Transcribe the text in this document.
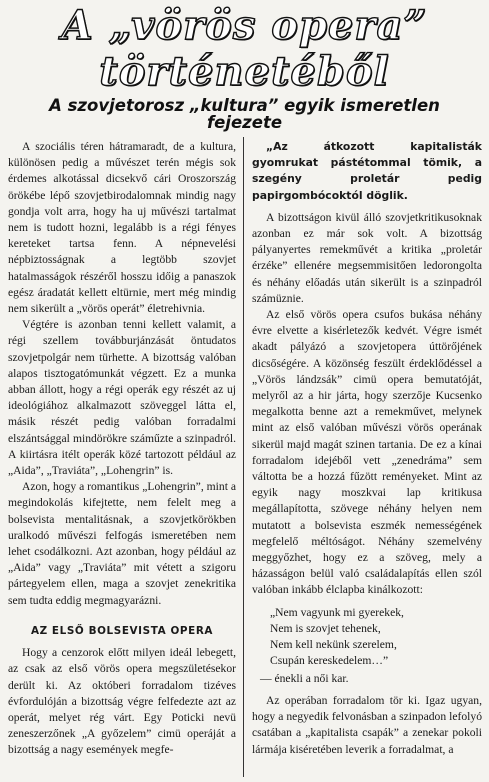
A „vörös opera”
történetéből
A szovjetorosz „kultura” egyik ismeretlen
fejezete

A szociális téren hátramaradt, de a kultura, különösen pedig a művészet terén mégis sok érdemes alkotással dicsekvő cári Oroszország örökébe lépő szovjetbirodalomnak mindig nagy gondja volt arra, hogy ha uj művészi tartalmat nem is tudott hozni, legalább is a régi fényes kereteket tartsa fenn. A népnevelési népbiztosságnak a legtöbb szovjet hatalmasságok részéről hosszu időig a panaszok egész áradatát kellett eltürnie, mert még mindig nem sikerült a „vörös operát” életrehivnia.

Végtére is azonban tenni kellett valamit, a régi szellem továbburjánzását öntudatos szovjetpolgár nem türhette. A bizottság valóban alapos tisztogatómunkát végzett. Ez a munka abban állott, hogy a régi operák egy részét az uj ideológiához alkalmazott szöveggel látta el, másik részét pedig valóban forradalmi elszántsággal mindörökre száműzte a szinpadról. A kiirtásra itélt operák közé tartozott például az „Aida”, „Traviáta”, „Lohengrin” is.

Azon, hogy a romantikus „Lohengrin”, mint a megindokolás kifejtette, nem felelt meg a bolsevista mentalitásnak, a szovjetkörökben uralkodó művészi felfogás ismeretében nem lehet csodálkozni. Azt azonban, hogy például az „Aida” vagy „Traviáta” mit vétett a szigoru pártegyelem ellen, maga a szovjet zenekritika sem tudta eddig megmagyarázni.

AZ ELSŐ BOLSEVISTA OPERA

Hogy a cenzorok előtt milyen ideál lebegett, az csak az első vörös opera megszületésekor derült ki. Az októberi forradalom tizéves évfordulóján a bizottság végre felfedezte azt az operát, melyet rég várt. Egy Poticki nevü zeneszerzőnek „A győzelem” cimü operáját a bizottság a nagy események megfe-

„Az átkozott kapitalisták gyomrukat pástétommal tömik, a szegény proletár pedig papirgombócoktól döglik.

A bizottságon kivül álló szovjetkritikusoknak azonban ez már sok volt. A bizottság pályanyertes remekművét a kritika „proletár érzéke” ellenére megsemmisitően ledorongolta és néhány előadás után sikerült is a szinpadról számüznie.

Az első vörös opera csufos bukása néhány évre elvette a kisérletezők kedvét. Végre ismét akadt pályázó a szovjetopera úttörőjének dicsőségére. A közönség feszült érdeklődéssel a „Vörös lándzsák” cimü opera bemutatóját, melyről az a hir járta, hogy szerzője Kucsenko megalkotta benne azt a remekművet, melynek mint az első valóban művészi vörös operának sikerül majd magát szinen tartania. De ez a kínai forradalom idejéből vett „zenedráma” sem váltotta be a hozzá fűzött reményeket. Mint az egyik nagy moszkvai lap kritikusa megállapította, szövege néhány helyen nem mutatott a bolsevista eszmék nemességének megfelelő méltóságot. Néhány szemelvény meggyőzhet, hogy ez a szöveg, mely a házasságon belül való családalapítás ellen szól valóban inkább élclapba kinálkozott:

„Nem vagyunk mi gyerekek,
Nem is szovjet tehenek,
Nem kell nekünk szerelem,
Csupán kereskedelem…”

— énekli a női kar.

Az operában forradalom tör ki. Igaz ugyan, hogy a negyedik felvonásban a szinpadon lefolyó csatában a „kapitalista csapák” a zenekar pokoli lármája kiséretében leverik a forradalmat, a
